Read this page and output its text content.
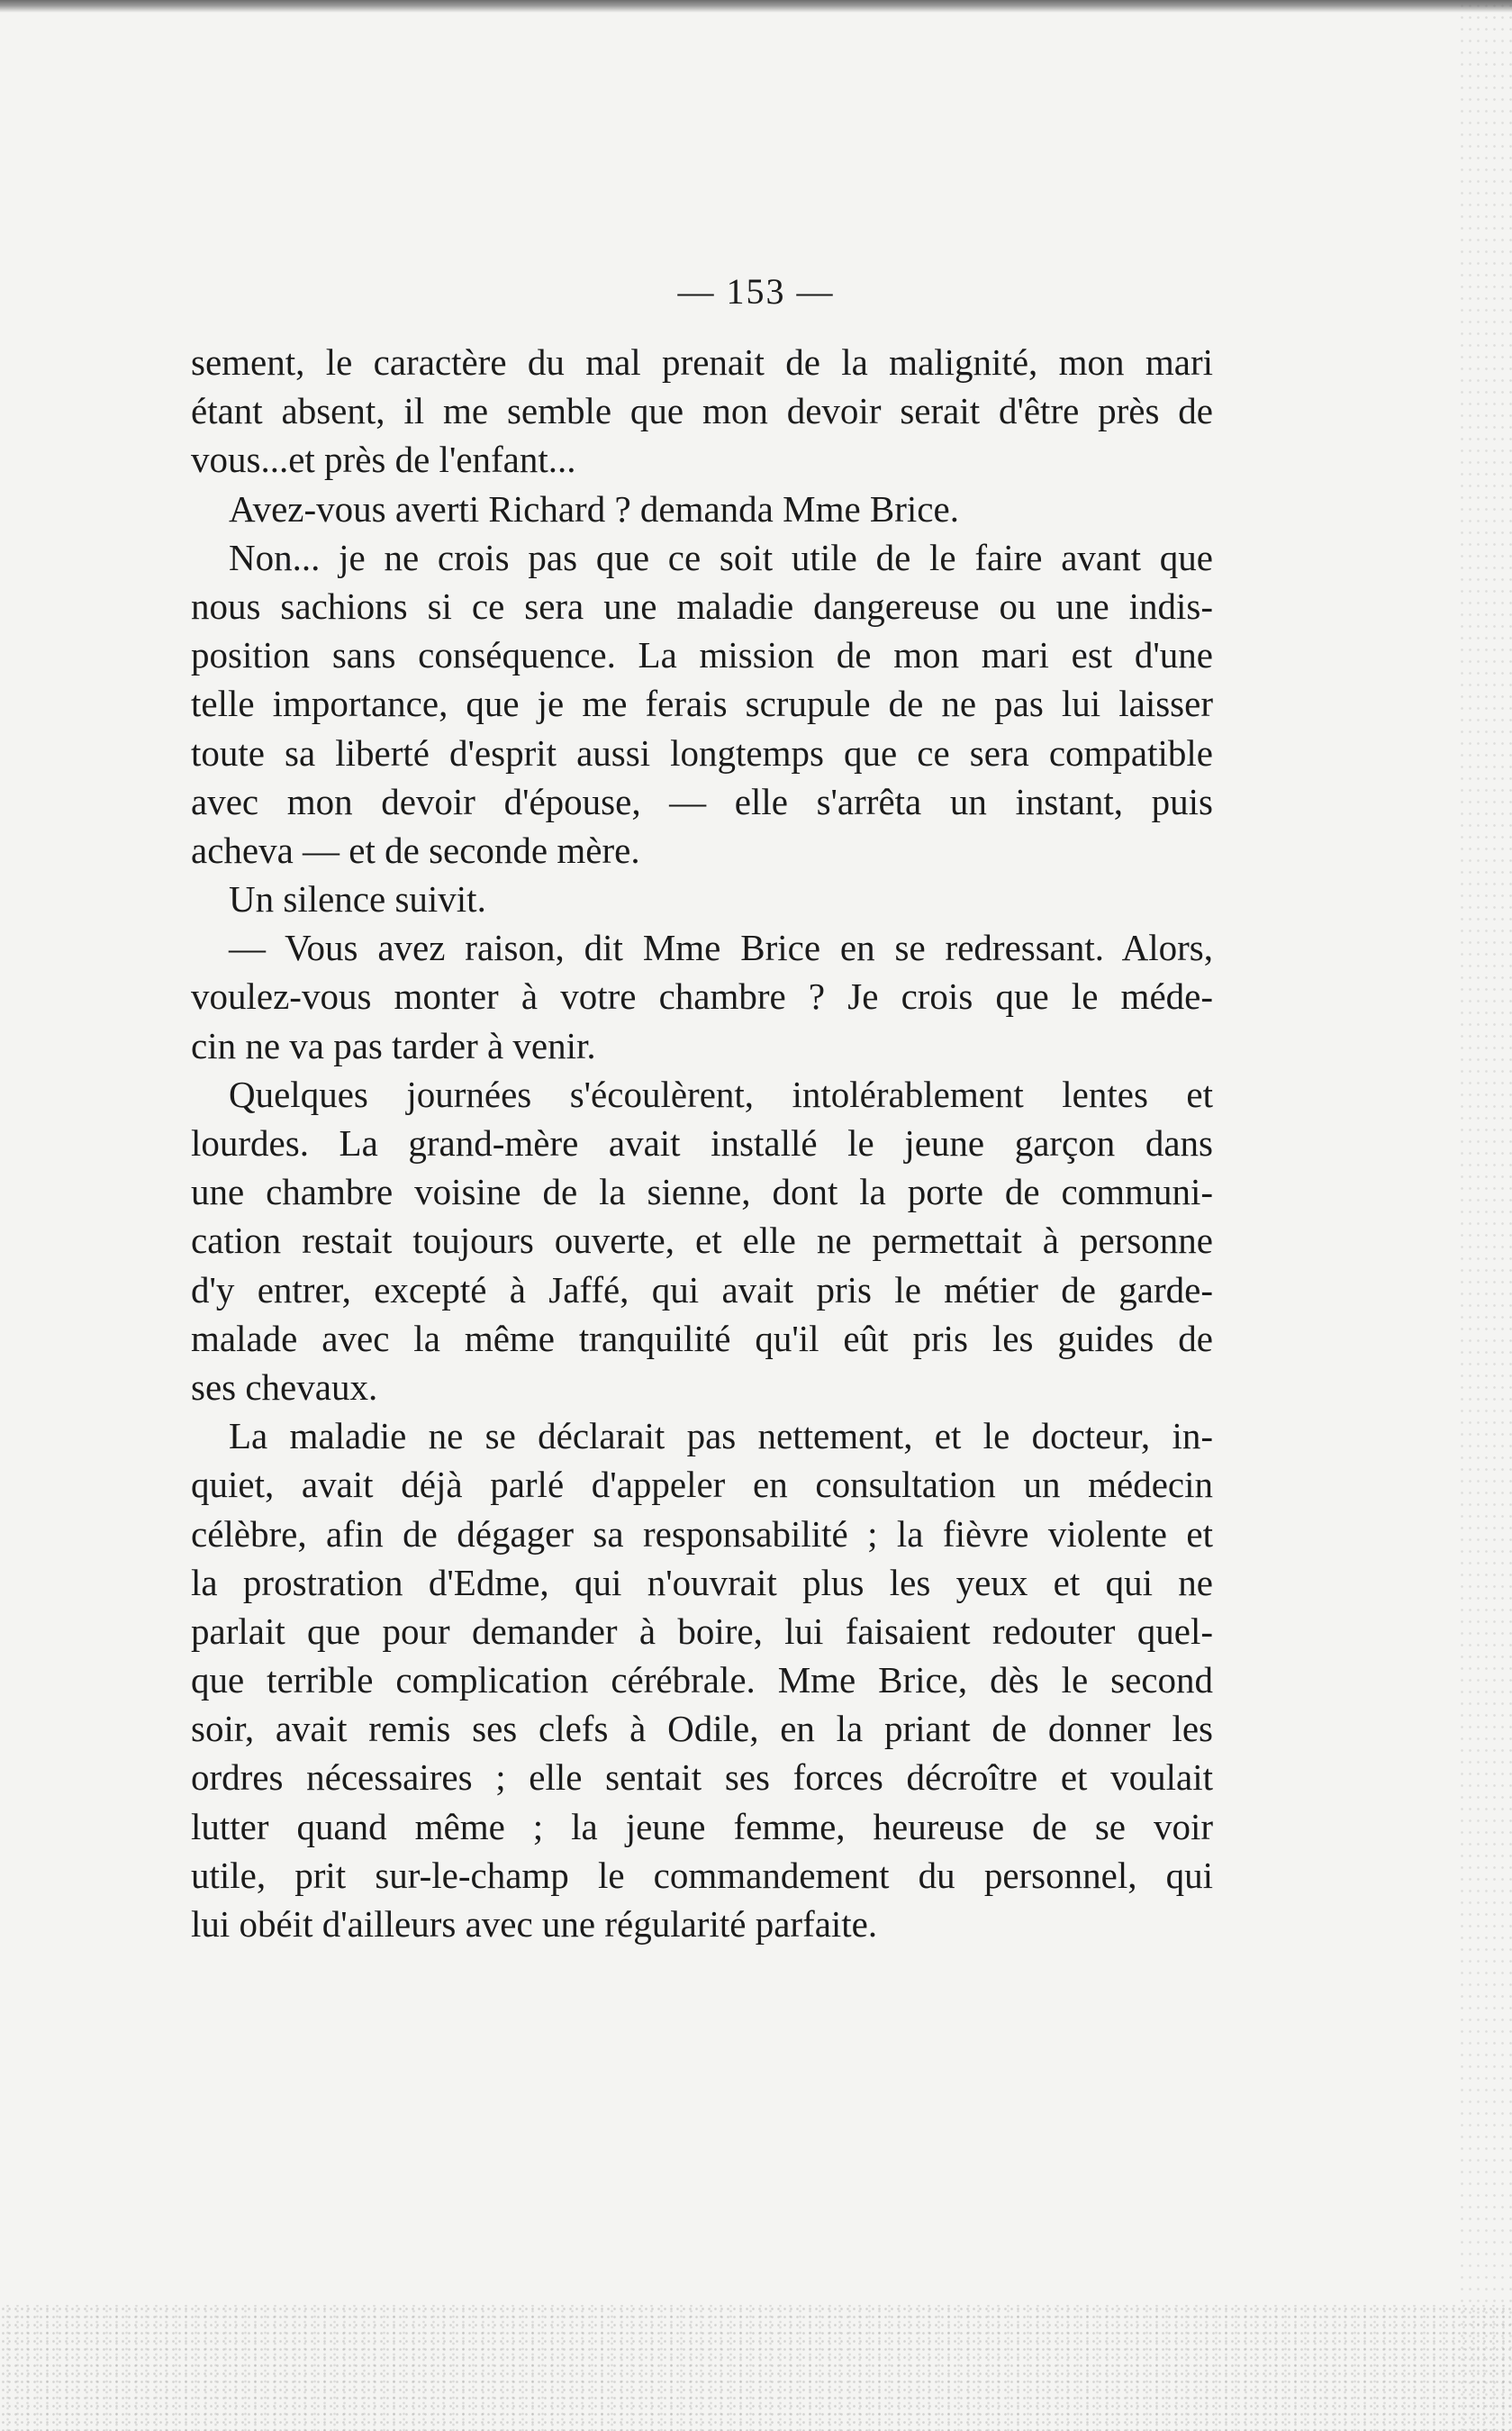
— 153 —
sement, le caractère du mal prenait de la malignité, mon mari
étant absent, il me semble que mon devoir serait d'être près de
vous...et près de l'enfant...
Avez-vous averti Richard ? demanda Mme Brice.
Non... je ne crois pas que ce soit utile de le faire avant que
nous sachions si ce sera une maladie dangereuse ou une indis-
position sans conséquence. La mission de mon mari est d'une
telle importance, que je me ferais scrupule de ne pas lui laisser
toute sa liberté d'esprit aussi longtemps que ce sera compatible
avec mon devoir d'épouse, — elle s'arrêta un instant, puis
acheva — et de seconde mère.
Un silence suivit.
— Vous avez raison, dit Mme Brice en se redressant. Alors,
voulez-vous monter à votre chambre ? Je crois que le méde-
cin ne va pas tarder à venir.
Quelques journées s'écoulèrent, intolérablement lentes et
lourdes. La grand-mère avait installé le jeune garçon dans
une chambre voisine de la sienne, dont la porte de communi-
cation restait toujours ouverte, et elle ne permettait à personne
d'y entrer, excepté à Jaffé, qui avait pris le métier de garde-
malade avec la même tranquilité qu'il eût pris les guides de
ses chevaux.
La maladie ne se déclarait pas nettement, et le docteur, in-
quiet, avait déjà parlé d'appeler en consultation un médecin
célèbre, afin de dégager sa responsabilité ; la fièvre violente et
la prostration d'Edme, qui n'ouvrait plus les yeux et qui ne
parlait que pour demander à boire, lui faisaient redouter quel-
que terrible complication cérébrale. Mme Brice, dès le second
soir, avait remis ses clefs à Odile, en la priant de donner les
ordres nécessaires ; elle sentait ses forces décroître et voulait
lutter quand même ; la jeune femme, heureuse de se voir
utile, prit sur-le-champ le commandement du personnel, qui
lui obéit d'ailleurs avec une régularité parfaite.
